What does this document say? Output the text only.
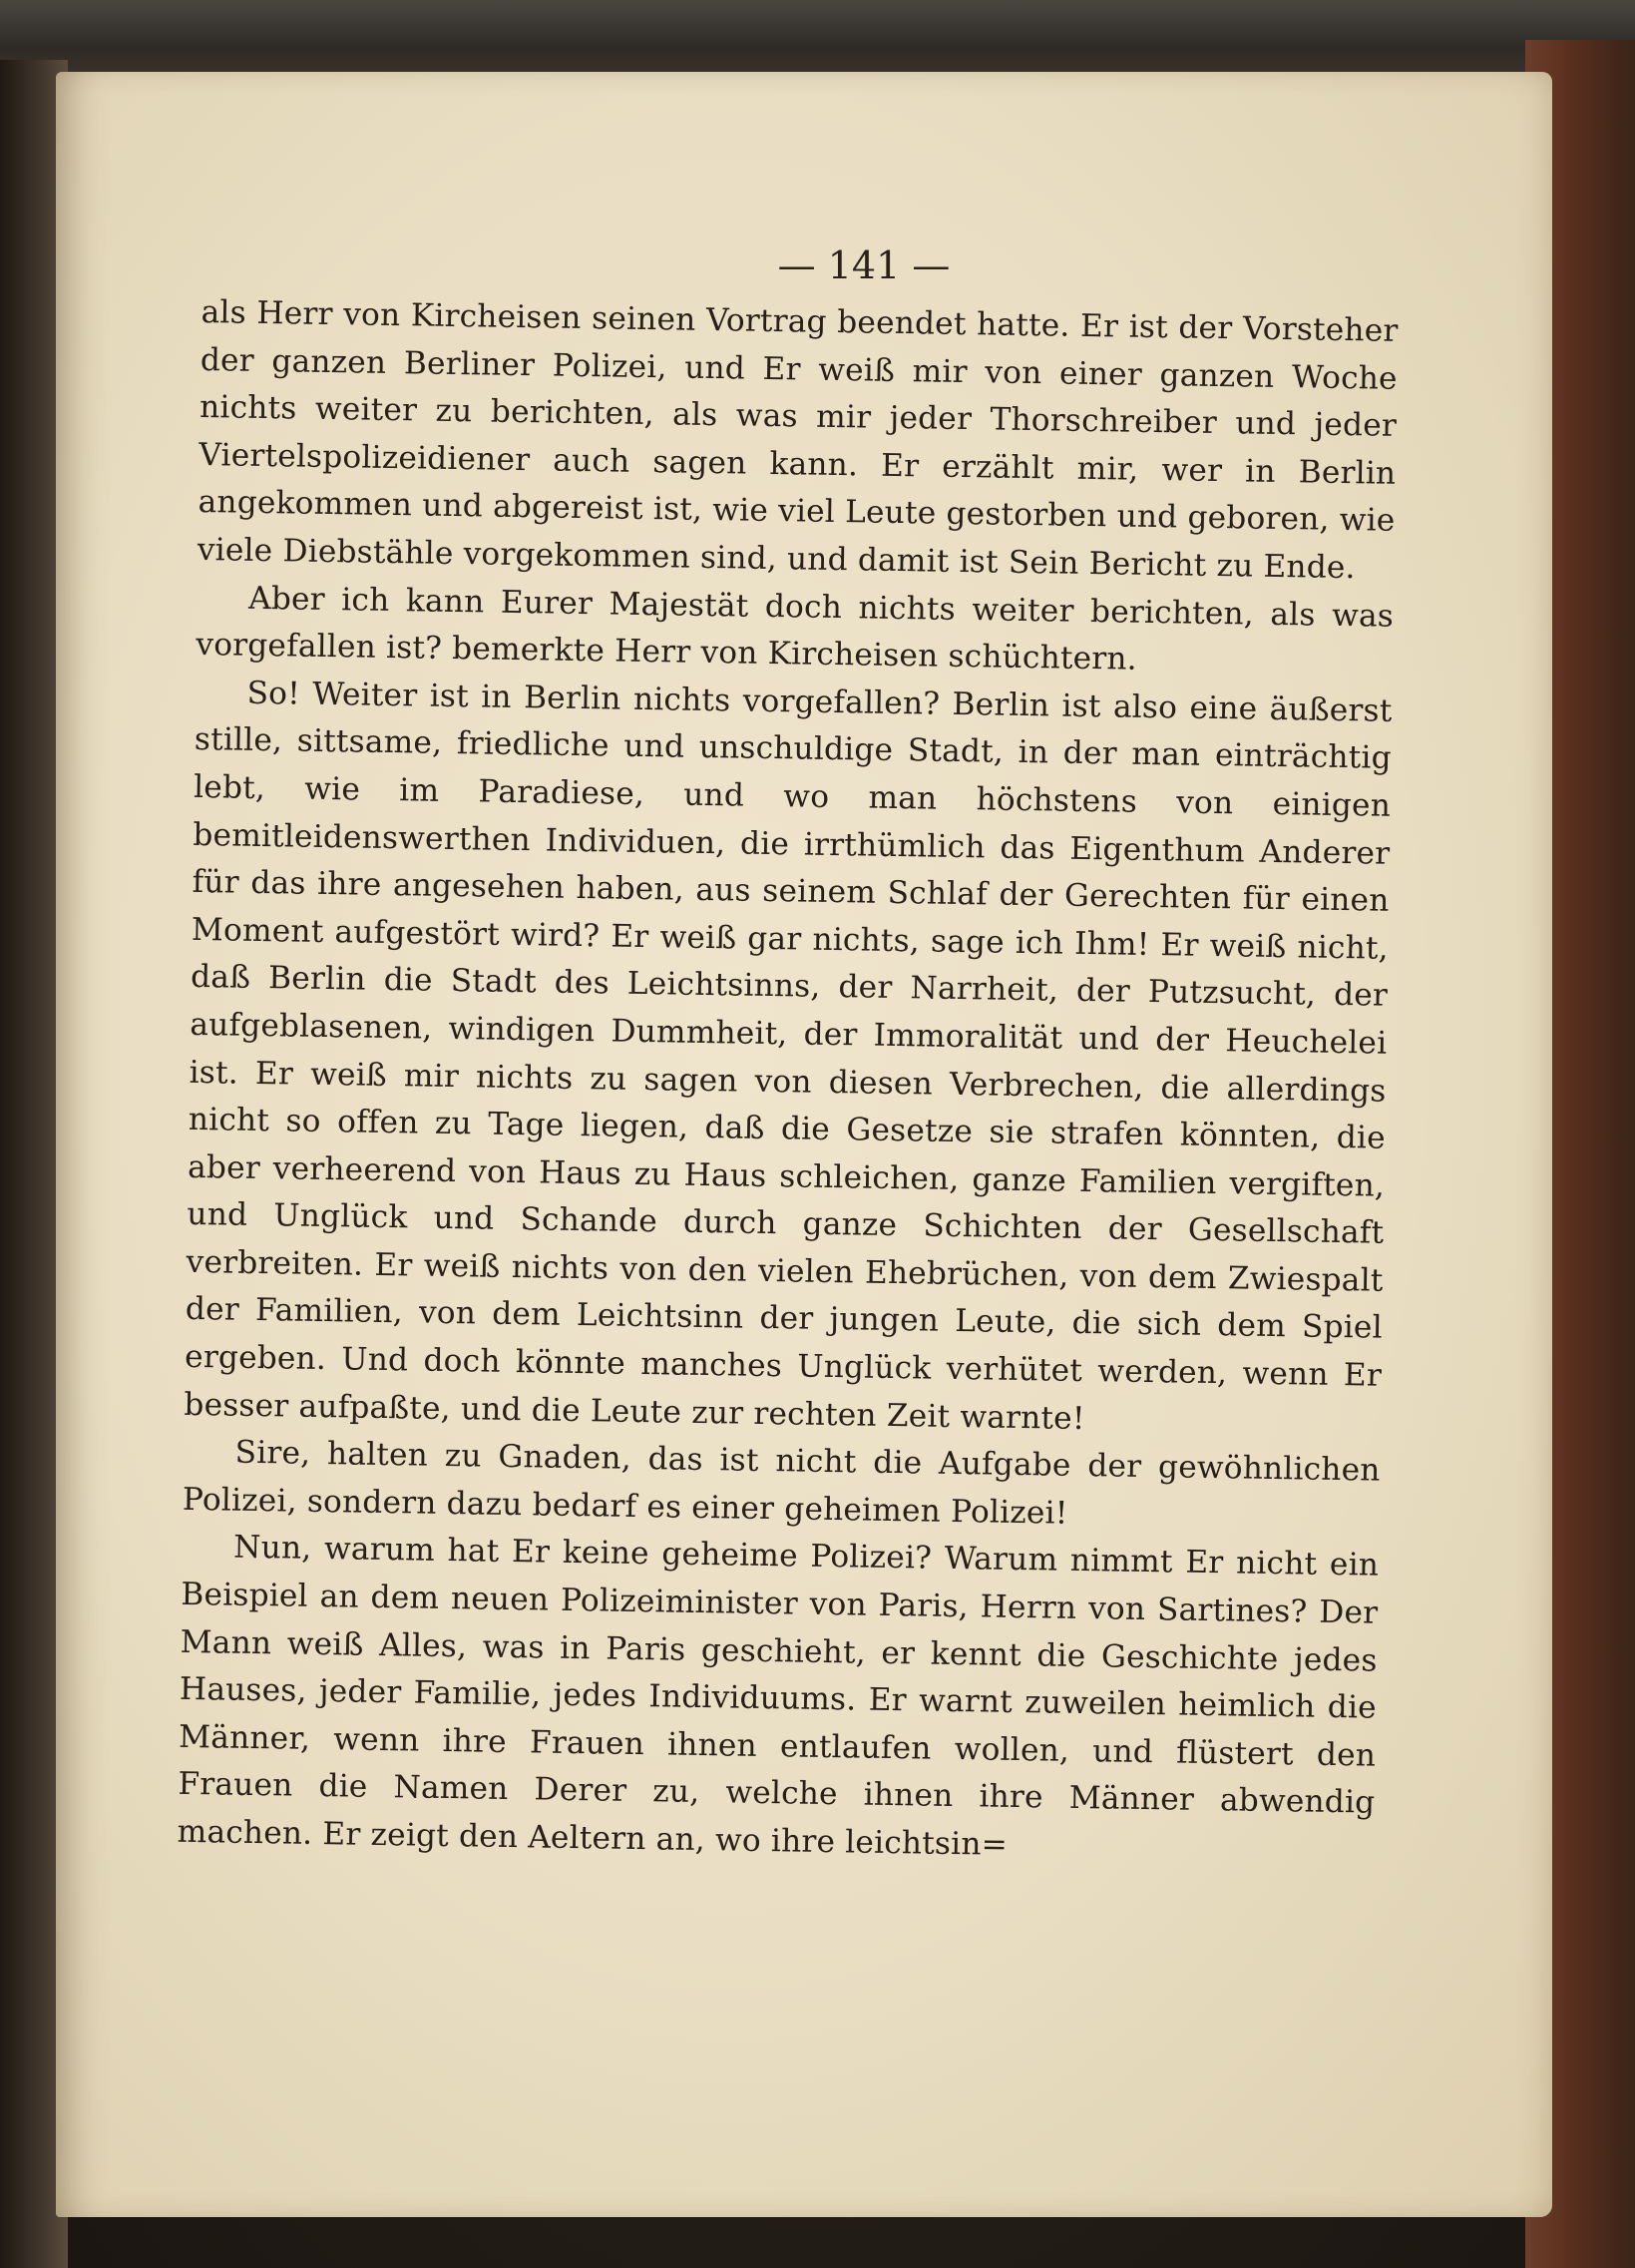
— 141 —

als Herr von Kircheisen seinen Vortrag beendet hatte. Er ist der Vorsteher der ganzen Berliner Polizei, und Er weiß mir von einer ganzen Woche nichts weiter zu berichten, als was mir jeder Thorschreiber und jeder Viertelspolizeidiener auch sagen kann. Er erzählt mir, wer in Berlin angekommen und abgereist ist, wie viel Leute gestorben und geboren, wie viele Diebstähle vorgekommen sind, und damit ist Sein Bericht zu Ende.

Aber ich kann Eurer Majestät doch nichts weiter berichten, als was vorgefallen ist? bemerkte Herr von Kircheisen schüchtern.

So! Weiter ist in Berlin nichts vorgefallen? Berlin ist also eine äußerst stille, sittsame, friedliche und unschuldige Stadt, in der man einträchtig lebt, wie im Paradiese, und wo man höchstens von einigen bemitleidenswerthen Individuen, die irrthümlich das Eigenthum Anderer für das ihre angesehen haben, aus seinem Schlaf der Gerechten für einen Moment aufgestört wird? Er weiß gar nichts, sage ich Ihm! Er weiß nicht, daß Berlin die Stadt des Leichtsinns, der Narrheit, der Putzsucht, der aufgeblasenen, windigen Dummheit, der Immoralität und der Heuchelei ist. Er weiß mir nichts zu sagen von diesen Verbrechen, die allerdings nicht so offen zu Tage liegen, daß die Gesetze sie strafen könnten, die aber verheerend von Haus zu Haus schleichen, ganze Familien vergiften, und Unglück und Schande durch ganze Schichten der Gesellschaft verbreiten. Er weiß nichts von den vielen Ehebrüchen, von dem Zwiespalt der Familien, von dem Leichtsinn der jungen Leute, die sich dem Spiel ergeben. Und doch könnte manches Unglück verhütet werden, wenn Er besser aufpaßte, und die Leute zur rechten Zeit warnte!

Sire, halten zu Gnaden, das ist nicht die Aufgabe der gewöhnlichen Polizei, sondern dazu bedarf es einer geheimen Polizei!

Nun, warum hat Er keine geheime Polizei? Warum nimmt Er nicht ein Beispiel an dem neuen Polizeiminister von Paris, Herrn von Sartines? Der Mann weiß Alles, was in Paris geschieht, er kennt die Geschichte jedes Hauses, jeder Familie, jedes Individuums. Er warnt zuweilen heimlich die Männer, wenn ihre Frauen ihnen entlaufen wollen, und flüstert den Frauen die Namen Derer zu, welche ihnen ihre Männer abwendig machen. Er zeigt den Aeltern an, wo ihre leichtsin=
